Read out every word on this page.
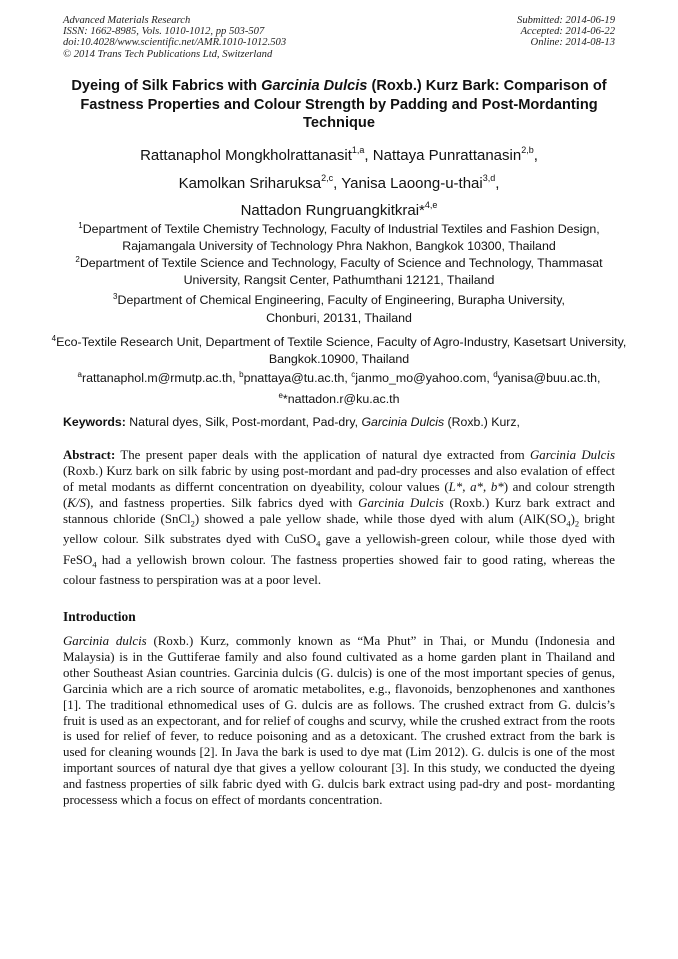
Advanced Materials Research
ISSN: 1662-8985, Vols. 1010-1012, pp 503-507
doi:10.4028/www.scientific.net/AMR.1010-1012.503
© 2014 Trans Tech Publications Ltd, Switzerland
Submitted: 2014-06-19
Accepted: 2014-06-22
Online: 2014-08-13
Dyeing of Silk Fabrics with Garcinia Dulcis (Roxb.) Kurz Bark: Comparison of Fastness Properties and Colour Strength by Padding and Post-Mordanting Technique
Rattanaphol Mongkholrattanasit$^{1,a}$, Nattaya Punrattanasin$^{2,b}$,
Kamolkan Sriharuksa$^{2,c}$, Yanisa Laoong-u-thai$^{3,d}$,
Nattadon Rungruangkitkrai*$^{4,e}$
$^1$Department of Textile Chemistry Technology, Faculty of Industrial Textiles and Fashion Design, Rajamangala University of Technology Phra Nakhon, Bangkok 10300, Thailand
$^2$Department of Textile Science and Technology, Faculty of Science and Technology, Thammasat University, Rangsit Center, Pathumthani 12121, Thailand
$^3$Department of Chemical Engineering, Faculty of Engineering, Burapha University,
Chonburi, 20131, Thailand
$^4$Eco-Textile Research Unit, Department of Textile Science, Faculty of Agro-Industry, Kasetsart University, Bangkok.10900, Thailand
$^a$rattanaphol.m@rmutp.ac.th, $^b$pnattaya@tu.ac.th, $^c$janmo_mo@yahoo.com, $^d$yanisa@buu.ac.th,
$^e$*nattadon.r@ku.ac.th
Keywords: Natural dyes, Silk, Post-mordant, Pad-dry, Garcinia Dulcis (Roxb.) Kurz,
Abstract: The present paper deals with the application of natural dye extracted from Garcinia Dulcis (Roxb.) Kurz bark on silk fabric by using post-mordant and pad-dry processes and also evalation of effect of metal modants as differnt concentration on dyeability, colour values (L*, a*, b*) and colour strength (K/S), and fastness properties. Silk fabrics dyed with Garcinia Dulcis (Roxb.) Kurz bark extract and stannous chloride (SnCl$_2$) showed a pale yellow shade, while those dyed with alum ($AlK(SO_4)_2$ bright yellow colour. Silk substrates dyed with CuSO$_4$ gave a yellowish-green colour, while those dyed with FeSO$_4$ had a yellowish brown colour. The fastness properties showed fair to good rating, whereas the colour fastness to perspiration was at a poor level.
Introduction
Garcinia dulcis (Roxb.) Kurz, commonly known as “Ma Phut” in Thai, or Mundu (Indonesia and Malaysia) is in the Guttiferae family and also found cultivated as a home garden plant in Thailand and other Southeast Asian countries. Garcinia dulcis (G. dulcis) is one of the most important species of genus, Garcinia which are a rich source of aromatic metabolites, e.g., flavonoids, benzophenones and xanthones [1]. The traditional ethnomedical uses of G. dulcis are as follows. The crushed extract from G. dulcis’s fruit is used as an expectorant, and for relief of coughs and scurvy, while the crushed extract from the roots is used for relief of fever, to reduce poisoning and as a detoxicant. The crushed extract from the bark is used for cleaning wounds [2]. In Java the bark is used to dye mat (Lim 2012). G. dulcis is one of the most important sources of natural dye that gives a yellow colourant [3]. In this study, we conducted the dyeing and fastness properties of silk fabric dyed with G. dulcis bark extract using pad-dry and post- mordanting processess which a focus on effect of mordants concentration.
